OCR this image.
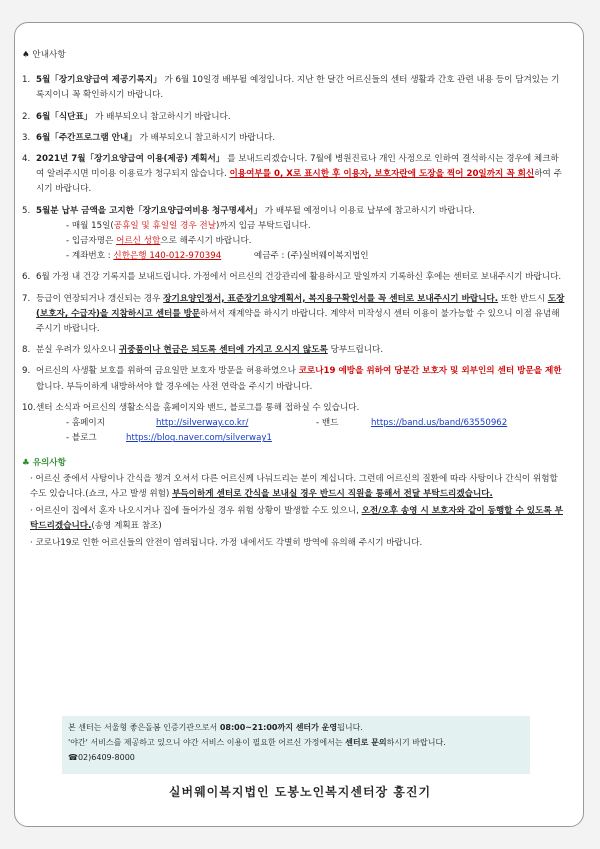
♠ 안내사항
1. 5월「장기요양급여 제공기록지」 가 6월 10일경 배부될 예정입니다. 지난 한 달간 어르신들의 센터 생활과 간호 관련 내용 등이 담겨있는 기록지이니 꼭 확인하시기 바랍니다.
2. 6월「식단표」 가 배부되오니 참고하시기 바랍니다.
3. 6월「주간프로그램 안내」 가 배부되오니 참고하시기 바랍니다.
4. 2021년 7월「장기요양급여 이용(제공) 계획서」 를 보내드리겠습니다. 7월에 병원진료나 개인 사정으로 인하여 결석하시는 경우에 체크하여 알려주시면 미이용 이용료가 청구되지 않습니다. 이용여부를 0, X로 표시한 후 이용자, 보호자란에 도장을 찍어 20일까지 꼭 회신하여 주시기 바랍니다.
5. 5월분 납부 금액을 고지한「장기요양급여비용 청구명세서」 가 배부될 예정이니 이용료 납부에 참고하시기 바랍니다.
- 매월 15일(공휴일 및 휴일일 경우 전날)까지 입금 부탁드립니다.
- 입금자명은 어르신 성함으로 해주시기 바랍니다.
- 계좌번호 : 신한은행 140-012-970394	예금주 : (주)실버웨이복지법인
6. 6월 가정 내 건강 기록지를 보내드립니다. 가정에서 어르신의 건강관리에 활용하시고 말일까지 기록하신 후에는 센터로 보내주시기 바랍니다.
7. 등급이 연장되거나 갱신되는 경우 장기요양인정서, 표준장기요양계획서, 복지용구확인서를 꼭 센터로 보내주시기 바랍니다. 또한 반드시 도장(보호자, 수급자)을 지참하시고 센터를 방문하셔서 재계약을 하시기 바랍니다. 계약서 미작성시 센터 이용이 불가능할 수 있으니 이점 유념해 주시기 바랍니다.
8. 분실 우려가 있사오니 귀중품이나 현금은 되도록 센터에 가지고 오시지 않도록 당부드립니다.
9. 어르신의 사생활 보호를 위하여 금요일만 보호자 방문을 허용하였으나 코로나19 예방을 위하여 당분간 보호자 및 외부인의 센터 방문을 제한합니다. 부득이하게 내방하셔야 할 경우에는 사전 연락을 주시기 바랍니다.
10. 센터 소식과 어르신의 생활소식을 홈페이지와 밴드, 블로그를 통해 접하실 수 있습니다.
- 홈페이지	http://silverway.co.kr/	- 밴드	https://band.us/band/63550962
- 블로그	https://blog.naver.com/silverway1
♣ 유의사항
· 어르신 중에서 사탕이나 간식을 챙겨 오셔서 다른 어르신께 나눠드리는 분이 계십니다. 그런데 어르신의 질환에 따라 사탕이나 간식이 위험할 수도 있습니다.(쇼크, 사고 발생 위험) 부득이하게 센터로 간식을 보내실 경우 반드시 직원을 통해서 전달 부탁드리겠습니다.
· 어르신이 집에서 혼자 나오시거나 집에 들어가실 경우 위험 상황이 발생할 수도 있으니, 오전/오후 송영 시 보호자와 같이 동행할 수 있도록 부탁드리겠습니다.(송영 계획표 참조)
· 코로나19로 인한 어르신들의 안전이 염려됩니다. 가정 내에서도 각별히 방역에 유의해 주시기 바랍니다.
본 센터는 서울형 좋은돌봄 인증기관으로서 08:00~21:00까지 센터가 운영됩니다.
'야간' 서비스를 제공하고 있으니 야간 서비스 이용이 필요한 어르신 가정에서는 센터로 문의하시기 바랍니다.
☎02)6409-8000
실버웨이복지법인 도봉노인복지센터장 홍진기
